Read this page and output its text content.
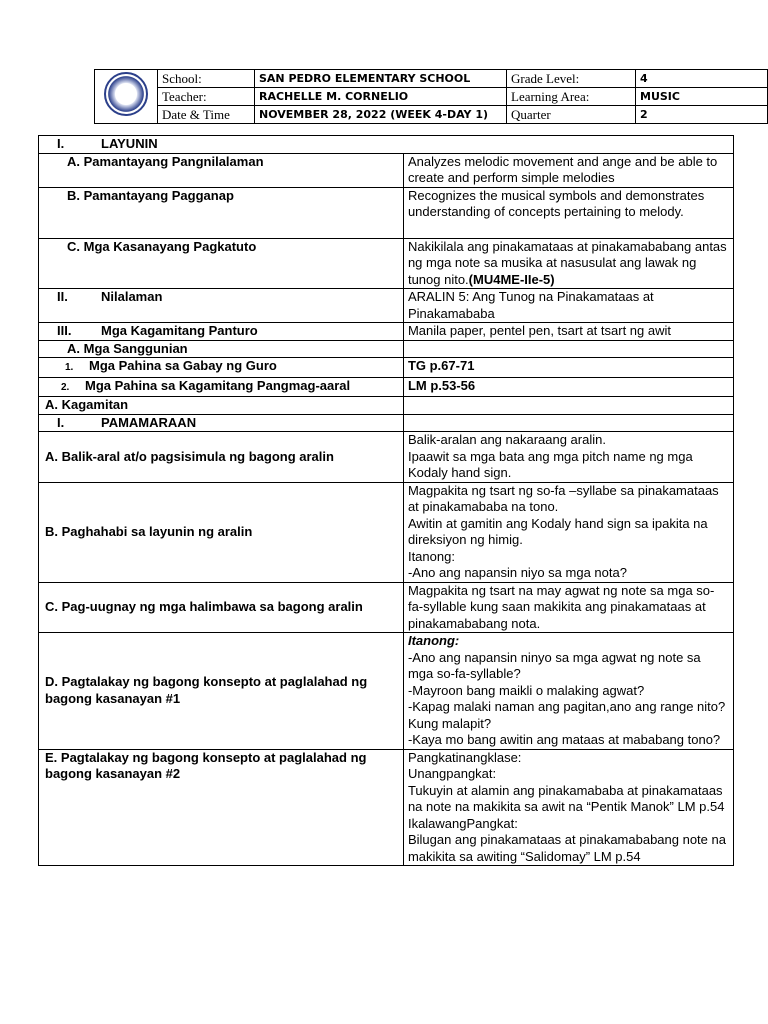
	School:	SAN PEDRO ELEMENTARY SCHOOL	Grade Level:	4
	Teacher:	RACHELLE M. CORNELIO	Learning Area:	MUSIC
	Date & Time	NOVEMBER 28, 2022 (WEEK 4-DAY 1)	Quarter	2
I. LAYUNIN	
A. Pamantayang Pangnilalaman	Analyzes melodic movement and ange and be able to create and perform simple melodies
B. Pamantayang Pagganap	Recognizes the musical symbols and demonstrates understanding of concepts pertaining to melody.
C. Mga Kasanayang Pagkatuto	Nakikilala ang pinakamataas at pinakamababang antas ng mga note sa musika at nasusulat ang lawak ng tunog nito.(MU4ME-IIe-5)
II. Nilalaman	ARALIN 5: Ang Tunog na Pinakamataas at Pinakamababa
III. Mga Kagamitang Panturo	Manila paper, pentel pen, tsart at tsart ng awit
A. Mga Sanggunian	
1. Mga Pahina sa Gabay ng Guro	TG p.67-71
2. Mga Pahina sa Kagamitang Pangmag-aaral	LM p.53-56
A. Kagamitan	
I. PAMAMARAAN	
A. Balik-aral at/o pagsisimula ng bagong aralin	Balik-aralan ang nakaraang aralin.
Ipaawit sa mga bata ang mga pitch name ng mga Kodaly hand sign.

B. Paghahabi sa layunin ng aralin	Magpakita ng tsart ng so-fa –syllabe sa pinakamataas at pinakamababa na tono.
Awitin at gamitin ang Kodaly hand sign sa ipakita na direksiyon ng himig.
Itanong:
-Ano ang napansin niyo sa mga nota?

C. Pag-uugnay ng mga halimbawa sa bagong aralin	Magpakita ng tsart na may agwat ng note sa mga so-fa-syllable kung saan makikita ang pinakamataas at pinakamababang nota.
D. Pagtalakay ng bagong konsepto at paglalahad ng bagong kasanayan #1	Itanong:
-Ano ang napansin ninyo sa mga agwat ng note sa mga so-fa-syllable?
-Mayroon bang maikli o malaking agwat?
-Kapag malaki naman ang pagitan,ano ang range nito?Kung malapit?
-Kaya mo bang awitin ang mataas at mababang tono?

E. Pagtalakay ng bagong konsepto at paglalahad ng bagong kasanayan #2	Pangkatinangklase:
Unangpangkat:
Tukuyin at alamin ang pinakamababa at pinakamataas na note na makikita sa awit na “Pentik Manok” LM p.54
IkalawangPangkat:
Bilugan ang pinakamataas at pinakamababang note na makikita sa awiting “Salidomay” LM p.54
